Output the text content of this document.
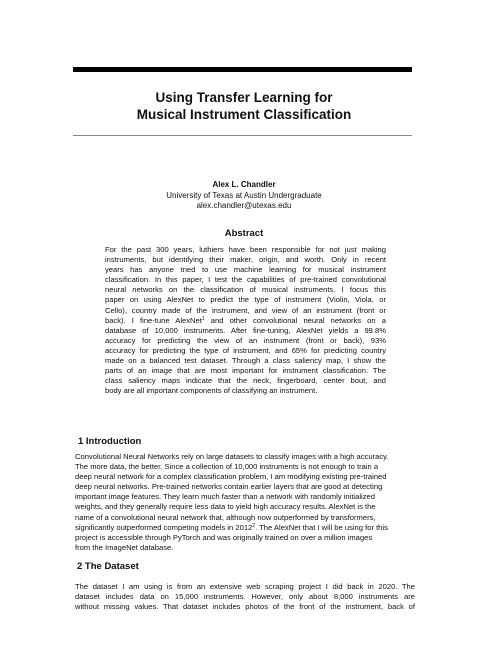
Using Transfer Learning for
Musical Instrument Classification
Alex L. Chandler
University of Texas at Austin Undergraduate
alex.chandler@utexas.edu
Abstract
For the past 300 years, luthiers have been responsible for not just making
instruments, but identifying their maker, origin, and worth. Only in recent
years has anyone tried to use machine learning for musical instrument
classification. In this paper, I test the capabilities of pre-trained convolutional
neural networks on the classification of musical instruments. I focus this
paper on using AlexNet to predict the type of instrument (Violin, Viola, or
Cello), country made of the instrument, and view of an instrument (front or
back). I fine-tune AlexNet$^1$ and other convolutional neural networks on a
database of 10,000 instruments. After fine-tuning, AlexNet yields a 99.8%
accuracy for predicting the view of an instrument (front or back), 93%
accuracy for predicting the type of instrument, and 65% for predicting country
made on a balanced test dataset. Through a class saliency map, I show the
parts of an image that are most important for instrument classification. The
class saliency maps indicate that the neck, fingerboard, center bout, and
body are all important components of classifying an instrument.
1 Introduction
Convolutional Neural Networks rely on large datasets to classify images with a high accuracy.
The more data, the better. Since a collection of 10,000 instruments is not enough to train a
deep neural network for a complex classification problem, I am modifying existing pre-trained
deep neural networks. Pre-trained networks contain earlier layers that are good at detecting
important image features. They learn much faster than a network with randomly initialized
weights, and they generally require less data to yield high accuracy results. AlexNet is the
name of a convolutional neural network that, although now outperformed by transformers,
significantly outperformed competing models in 2012$^2$. The AlexNet that I will be using for this
project is accessible through PyTorch and was originally trained on over a million images
from the ImageNet database.
2 The Dataset
The dataset I am using is from an extensive web scraping project I did back in 2020. The
dataset includes data on 15,000 instruments. However, only about 8,000 instruments are
without missing values. That dataset includes photos of the front of the instrument, back of
